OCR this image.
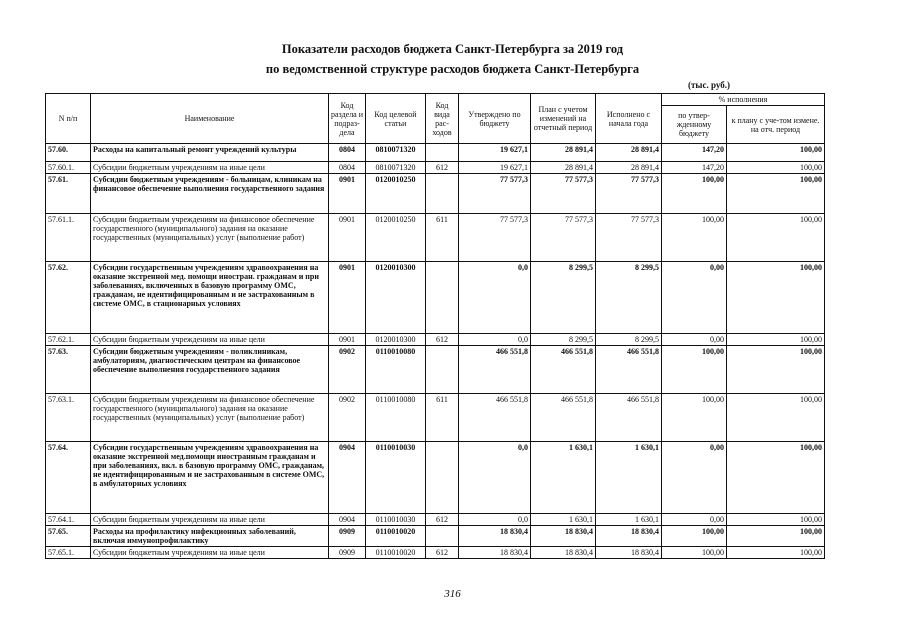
Показатели расходов бюджета Санкт-Петербурга за 2019 год
по ведомственной структуре расходов бюджета Санкт-Петербурга
(тыс. руб.)
N п/п	Наименование	Код раздела и подраз-дела	Код целевой статьи	Код вида рас-ходов	Утверждено по бюджету	План с учетом изменений на отчетный период	Исполнено с начала года	% исполнения	
								по утвер-жденному бюджету	к плану с уче-том измене. на отч. период
57.60.	Расходы на капитальный ремонт учреждений культуры	0804	0810071320		19 627,1	28 891,4	28 891,4	147,20	100,00
57.60.1.	Субсидии бюджетным учреждениям на иные цели	0804	0810071320	612	19 627,1	28 891,4	28 891,4	147,20	100,00
57.61.	Субсидии бюджетным учреждениям - больницам, клиникам на финансовое обеспечение выполнения государственного задания	0901	0120010250		77 577,3	77 577,3	77 577,3	100,00	100,00
57.61.1.	Субсидии бюджетным учреждениям на финансовое обеспечение государственного (муниципального) задания на оказание государственных (муниципальных) услуг (выполнение работ)	0901	0120010250	611	77 577,3	77 577,3	77 577,3	100,00	100,00
57.62.	Субсидии государственным учреждениям здравоохранения на оказание экстренной мед. помощи иностран. гражданам и при заболеваниях, включенных в базовую программу ОМС, гражданам, не идентифицированным и не застрахованным в системе ОМС, в стационарных условиях	0901	0120010300		0,0	8 299,5	8 299,5	0,00	100,00
57.62.1.	Субсидии бюджетным учреждениям на иные цели	0901	0120010300	612	0,0	8 299,5	8 299,5	0,00	100,00
57.63.	Субсидии бюджетным учреждениям - поликлиникам, амбулаториям, диагностическим центрам на финансовое обеспечение выполнения государственного задания	0902	0110010080		466 551,8	466 551,8	466 551,8	100,00	100,00
57.63.1.	Субсидии бюджетным учреждениям на финансовое обеспечение государственного (муниципального) задания на оказание государственных (муниципальных) услуг (выполнение работ)	0902	0110010080	611	466 551,8	466 551,8	466 551,8	100,00	100,00
57.64.	Субсидии государственным учреждениям здравоохранения на оказание экстренной мед.помощи иностранным гражданам и при заболеваниях, вкл. в базовую программу ОМС, гражданам, не идентифицированным и не застрахованным в системе ОМС, в амбулаторных условиях	0904	0110010030		0,0	1 630,1	1 630,1	0,00	100,00
57.64.1.	Субсидии бюджетным учреждениям на иные цели	0904	0110010030	612	0,0	1 630,1	1 630,1	0,00	100,00
57.65.	Расходы на профилактику инфекционных заболеваний, включая иммунопрофилактику	0909	0110010020		18 830,4	18 830,4	18 830,4	100,00	100,00
57.65.1.	Субсидии бюджетным учреждениям на иные цели	0909	0110010020	612	18 830,4	18 830,4	18 830,4	100,00	100,00
316
